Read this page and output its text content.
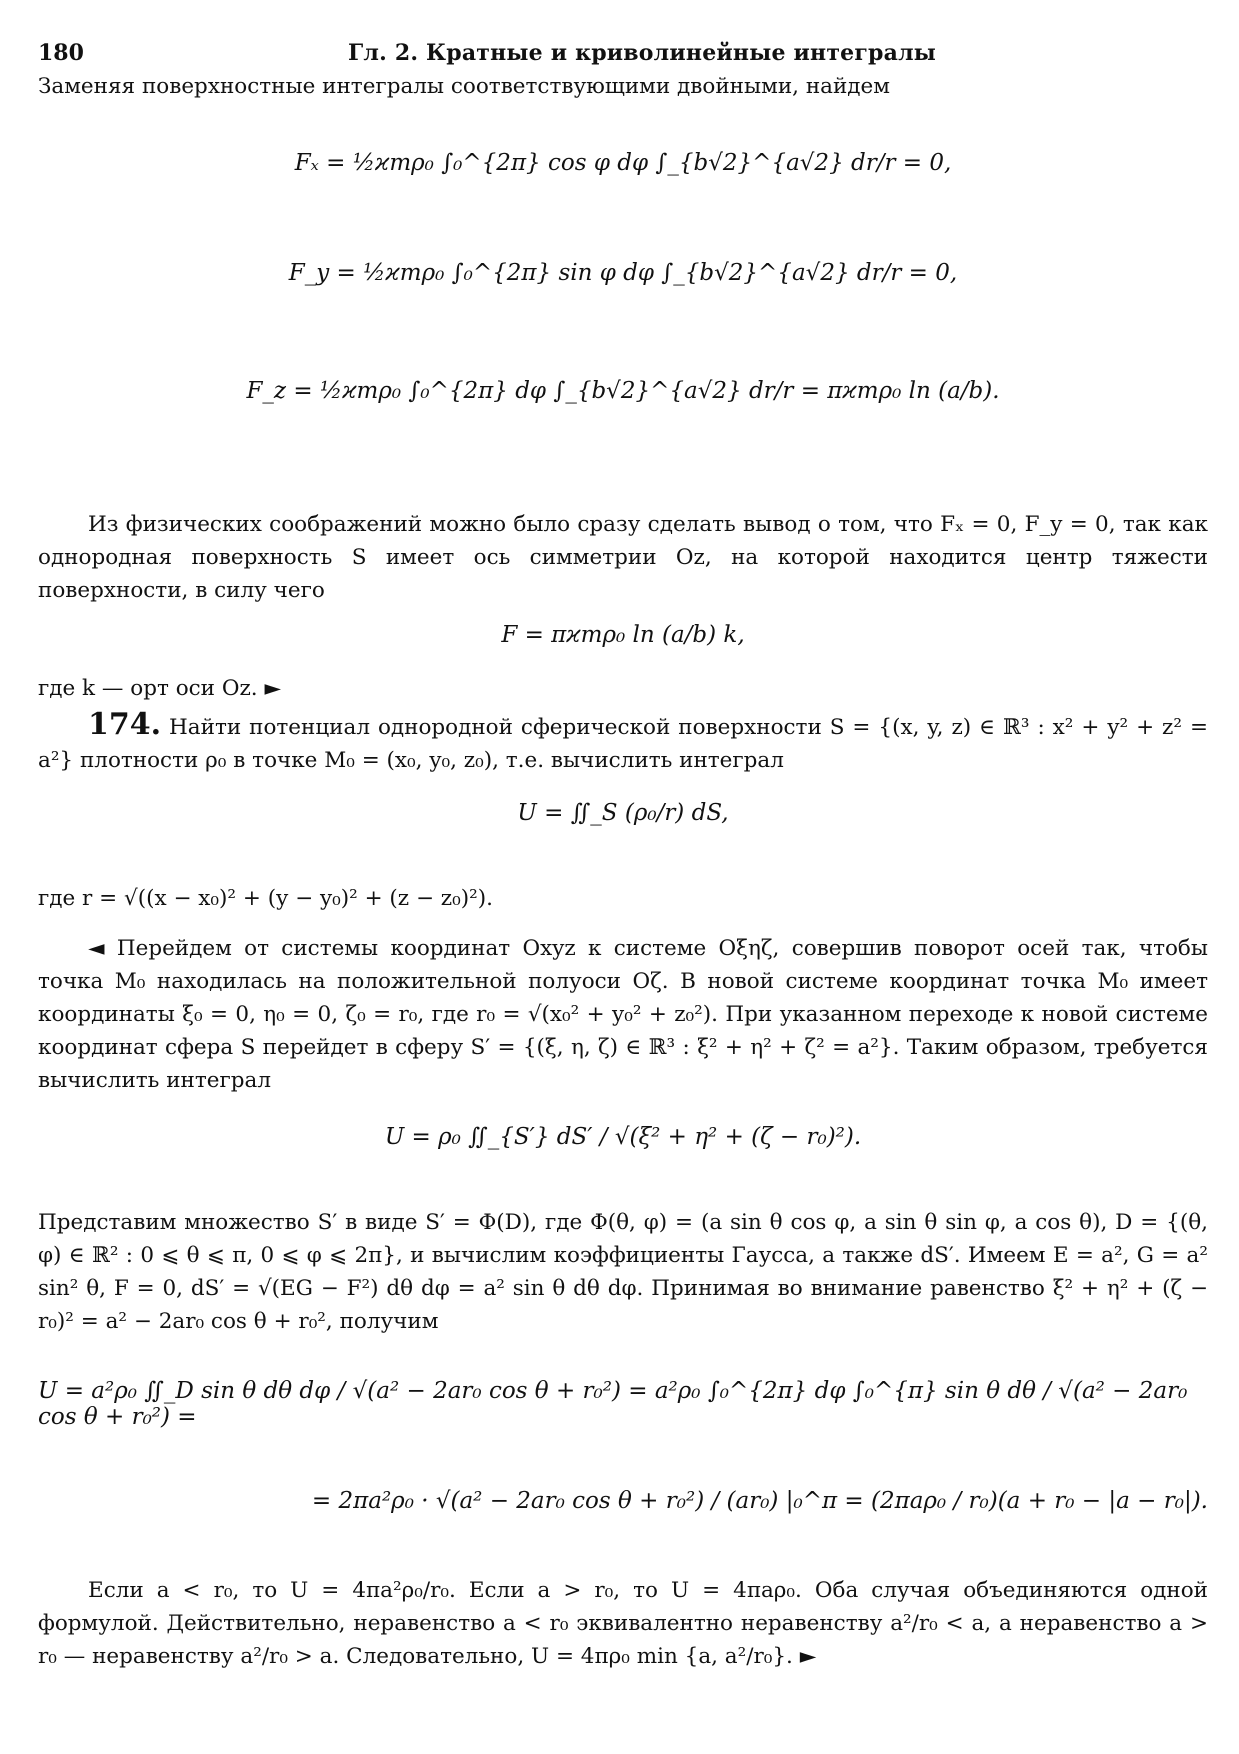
180	Гл. 2. Кратные и криволинейные интегралы

Заменяя поверхностные интегралы соответствующими двойными, найдем

Fₓ = ½ϰmρ₀ ∫₀^{2π} cos φ dφ ∫_{b√2}^{a√2} dr/r = 0,

F_y = ½ϰmρ₀ ∫₀^{2π} sin φ dφ ∫_{b√2}^{a√2} dr/r = 0,

F_z = ½ϰmρ₀ ∫₀^{2π} dφ ∫_{b√2}^{a√2} dr/r = πϰmρ₀ ln (a/b).

Из физических соображений можно было сразу сделать вывод о том, что Fₓ = 0, F_y = 0, так как однородная поверхность S имеет ось симметрии Oz, на которой находится центр тяжести поверхности, в силу чего

F = πϰmρ₀ ln (a/b) k,

где k — орт оси Oz. ►

174. Найти потенциал однородной сферической поверхности S = {(x, y, z) ∈ ℝ³ : x² + y² + z² = a²} плотности ρ₀ в точке M₀ = (x₀, y₀, z₀), т.е. вычислить интеграл

U = ∬_S (ρ₀/r) dS,

где r = √((x − x₀)² + (y − y₀)² + (z − z₀)²).

◄ Перейдем от системы координат Oxyz к системе Oξηζ, совершив поворот осей так, чтобы точка M₀ находилась на положительной полуоси Oζ. В новой системе координат точка M₀ имеет координаты ξ₀ = 0, η₀ = 0, ζ₀ = r₀, где r₀ = √(x₀² + y₀² + z₀²). При указанном переходе к новой системе координат сфера S перейдет в сферу S′ = {(ξ, η, ζ) ∈ ℝ³ : ξ² + η² + ζ² = a²}. Таким образом, требуется вычислить интеграл

U = ρ₀ ∬_{S′} dS′ / √(ξ² + η² + (ζ − r₀)²).

Представим множество S′ в виде S′ = Φ(D), где Φ(θ, φ) = (a sin θ cos φ, a sin θ sin φ, a cos θ), D = {(θ, φ) ∈ ℝ² : 0 ⩽ θ ⩽ π, 0 ⩽ φ ⩽ 2π}, и вычислим коэффициенты Гаусса, а также dS′. Имеем E = a², G = a² sin² θ, F = 0, dS′ = √(EG − F²) dθ dφ = a² sin θ dθ dφ. Принимая во внимание равенство ξ² + η² + (ζ − r₀)² = a² − 2ar₀ cos θ + r₀², получим

U = a²ρ₀ ∬_D sin θ dθ dφ / √(a² − 2ar₀ cos θ + r₀²) = a²ρ₀ ∫₀^{2π} dφ ∫₀^{π} sin θ dθ / √(a² − 2ar₀ cos θ + r₀²) =

= 2πa²ρ₀ · √(a² − 2ar₀ cos θ + r₀²) / (ar₀) |₀^π = (2πaρ₀ / r₀)(a + r₀ − |a − r₀|).

Если a < r₀, то U = 4πa²ρ₀/r₀. Если a > r₀, то U = 4πaρ₀. Оба случая объединяются одной формулой. Действительно, неравенство a < r₀ эквивалентно неравенству a²/r₀ < a, а неравенство a > r₀ — неравенству a²/r₀ > a. Следовательно, U = 4πρ₀ min {a, a²/r₀}. ►
